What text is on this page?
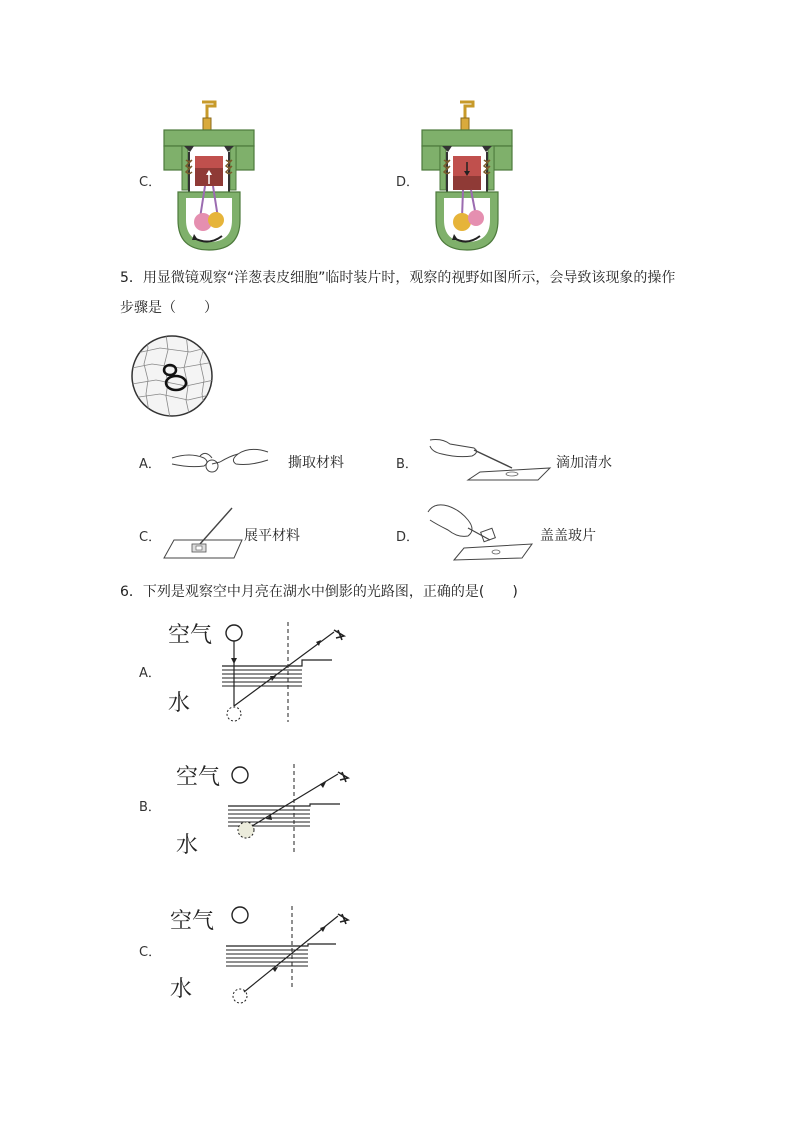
C．	D．
5．用显微镜观察“洋葱表皮细胞”临时装片时，观察的视野如图所示，会导致该现象的操作
步骤是（　　）
A．	撕取材料	B．	滴加清水
C．	展平材料	D．	盖盖玻片
6．下列是观察空中月亮在湖水中倒影的光路图，正确的是(　　)
A．
空气
水
B．
空气
水
C．
空气
水
